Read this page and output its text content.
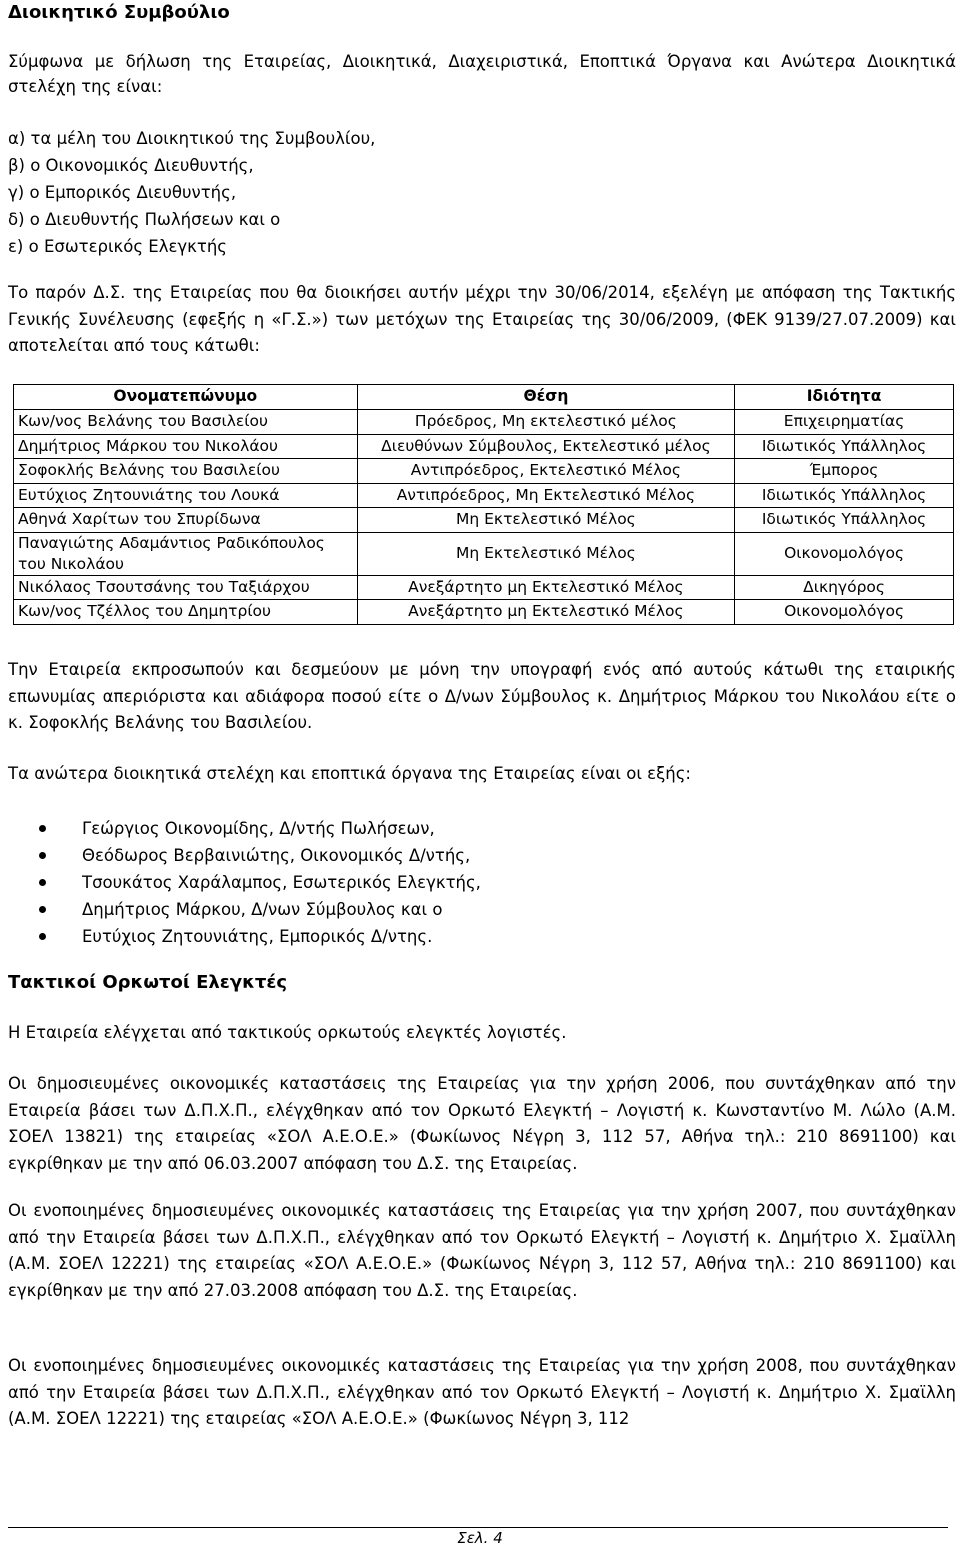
Διοικητικό Συμβούλιο

Σύμφωνα με δήλωση της Εταιρείας, Διοικητικά, Διαχειριστικά, Εποπτικά Όργανα και Ανώτερα Διοικητικά στελέχη της είναι:

α) τα μέλη του Διοικητικού της Συμβουλίου,
β) ο Οικονομικός Διευθυντής,
γ) ο Εμπορικός Διευθυντής,
δ) ο Διευθυντής Πωλήσεων και ο
ε) ο Εσωτερικός Ελεγκτής

Το παρόν Δ.Σ. της Εταιρείας που θα διοικήσει αυτήν μέχρι την 30/06/2014, εξελέγη με απόφαση της Τακτικής Γενικής Συνέλευσης (εφεξής η «Γ.Σ.») των μετόχων της Εταιρείας της 30/06/2009, (ΦΕΚ 9139/27.07.2009) και αποτελείται από τους κάτωθι:

Ονοματεπώνυμο	Θέση	Ιδιότητα
Κων/νος Βελάνης του Βασιλείου	Πρόεδρος, Μη εκτελεστικό μέλος	Επιχειρηματίας
Δημήτριος Μάρκου του Νικολάου	Διευθύνων Σύμβουλος, Εκτελεστικό μέλος	Ιδιωτικός Υπάλληλος
Σοφοκλής Βελάνης του Βασιλείου	Αντιπρόεδρος, Εκτελεστικό Μέλος	Έμπορος
Ευτύχιος Ζητουνιάτης του Λουκά	Αντιπρόεδρος, Μη Εκτελεστικό Μέλος	Ιδιωτικός Υπάλληλος
Αθηνά Χαρίτων του Σπυρίδωνα	Μη Εκτελεστικό Μέλος	Ιδιωτικός Υπάλληλος
Παναγιώτης Αδαμάντιος Ραδικόπουλος του Νικολάου	Μη Εκτελεστικό Μέλος	Οικονομολόγος
Νικόλαος Τσουτσάνης του Ταξιάρχου	Ανεξάρτητο μη Εκτελεστικό Μέλος	Δικηγόρος
Κων/νος Τζέλλος του Δημητρίου	Ανεξάρτητο μη Εκτελεστικό Μέλος	Οικονομολόγος

Την Εταιρεία εκπροσωπούν και δεσμεύουν με μόνη την υπογραφή ενός από αυτούς κάτωθι της εταιρικής επωνυμίας απεριόριστα και αδιάφορα ποσού είτε ο Δ/νων Σύμβουλος κ. Δημήτριος Μάρκου του Νικολάου είτε ο κ. Σοφοκλής Βελάνης του Βασιλείου.

Τα ανώτερα διοικητικά στελέχη και εποπτικά όργανα της Εταιρείας είναι οι εξής:

Γεώργιος Οικονομίδης, Δ/ντής Πωλήσεων,
Θεόδωρος Βερβαινιώτης, Οικονομικός Δ/ντής,
Τσουκάτος Χαράλαμπος, Εσωτερικός Ελεγκτής,
Δημήτριος Μάρκου, Δ/νων Σύμβουλος και ο
Ευτύχιος Ζητουνιάτης, Εμπορικός Δ/ντης.
Τακτικοί Ορκωτοί Ελεγκτές

Η Εταιρεία ελέγχεται από τακτικούς ορκωτούς ελεγκτές λογιστές.

Οι δημοσιευμένες οικονομικές καταστάσεις της Εταιρείας για την χρήση 2006, που συντάχθηκαν από την Εταιρεία βάσει των Δ.Π.Χ.Π., ελέγχθηκαν από τον Ορκωτό Ελεγκτή – Λογιστή κ. Κωνσταντίνο Μ. Λώλο (Α.Μ. ΣΟΕΛ 13821) της εταιρείας «ΣΟΛ Α.Ε.Ο.Ε.» (Φωκίωνος Νέγρη 3, 112 57, Αθήνα τηλ.: 210 8691100) και εγκρίθηκαν με την από 06.03.2007 απόφαση του Δ.Σ. της Εταιρείας.

Οι ενοποιημένες δημοσιευμένες οικονομικές καταστάσεις της Εταιρείας για την χρήση 2007, που συντάχθηκαν από την Εταιρεία βάσει των Δ.Π.Χ.Π., ελέγχθηκαν από τον Ορκωτό Ελεγκτή – Λογιστή κ. Δημήτριο Χ. Σμαϊλλη (Α.Μ. ΣΟΕΛ 12221) της εταιρείας «ΣΟΛ Α.Ε.Ο.Ε.» (Φωκίωνος Νέγρη 3, 112 57, Αθήνα τηλ.: 210 8691100) και εγκρίθηκαν με την από 27.03.2008 απόφαση του Δ.Σ. της Εταιρείας.

Οι ενοποιημένες δημοσιευμένες οικονομικές καταστάσεις της Εταιρείας για την χρήση 2008, που συντάχθηκαν από την Εταιρεία βάσει των Δ.Π.Χ.Π., ελέγχθηκαν από τον Ορκωτό Ελεγκτή – Λογιστή κ. Δημήτριο Χ. Σμαϊλλη (Α.Μ. ΣΟΕΛ 12221) της εταιρείας «ΣΟΛ Α.Ε.Ο.Ε.» (Φωκίωνος Νέγρη 3, 112

Σελ. 4
